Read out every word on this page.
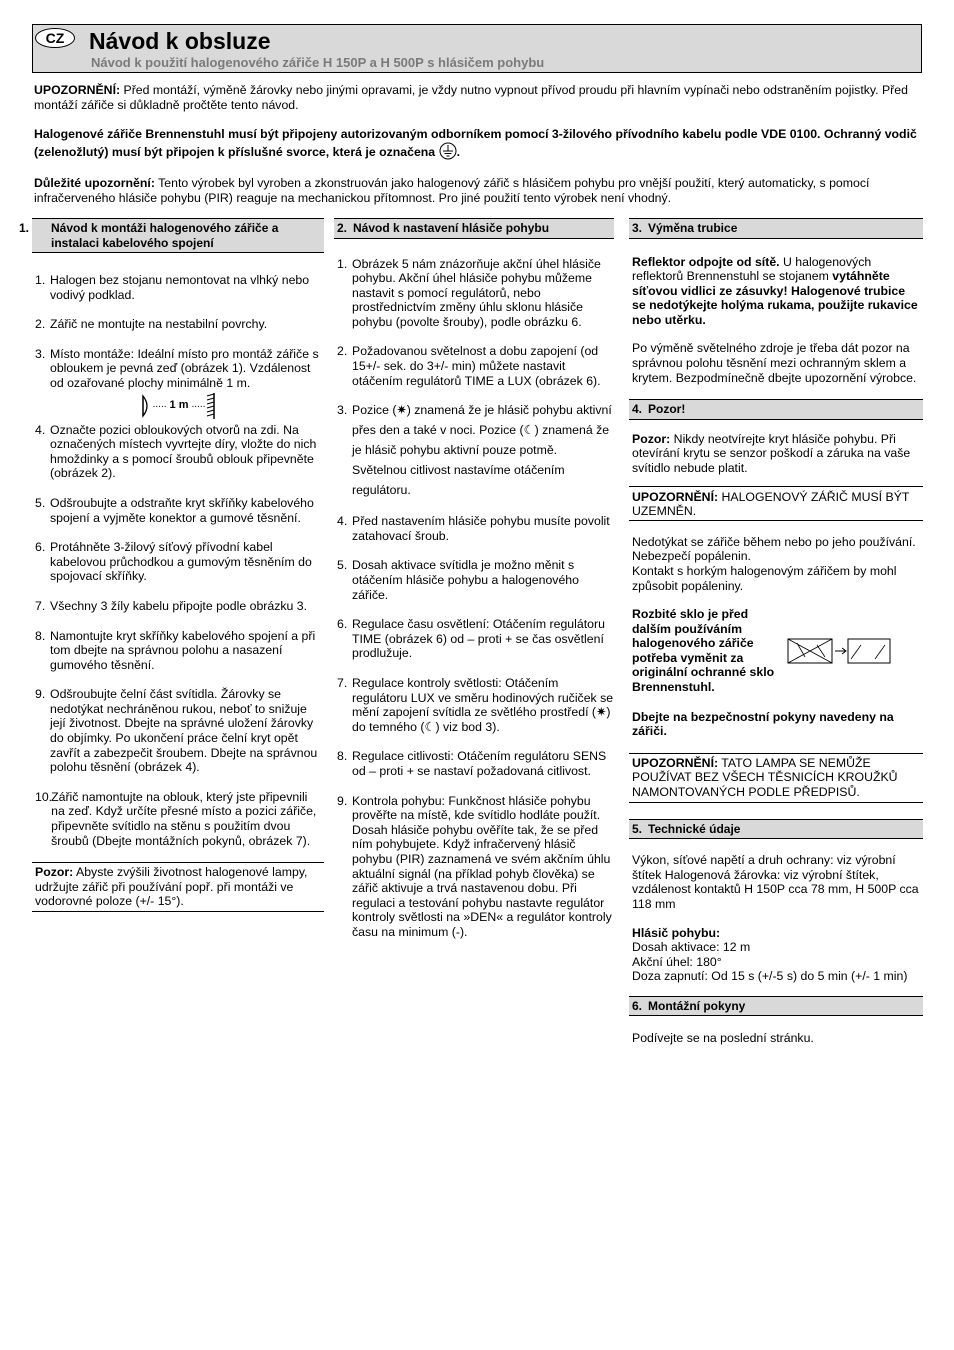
CZ	Návod k obsluze
Návod k použití halogenového zářiče H 150P a H 500P s hlásičem pohybu

UPOZORNĚNÍ: Před montáží, výměně žárovky nebo jinými opravami, je vždy nutno vypnout přívod proudu při hlavním vypínači nebo odstraněním pojistky. Před montáží zářiče si důkladně pročtěte tento návod.

Halogenové zářiče Brennenstuhl musí být připojeny autorizovaným odborníkem pomocí 3-žilového přívodního kabelu podle VDE 0100. Ochranný vodič (zelenožlutý) musí být připojen k příslušné svorce, která je označena .

Důležité upozornění: Tento výrobek byl vyroben a zkonstruován jako halogenový zářič s hlásičem pohybu pro vnější použití, který automaticky, s pomocí infračerveného hlásiče pohybu (PIR) reaguje na mechanickou přítomnost. Pro jiné použití tento výrobek není vhodný.

1. Návod k montáži halogenového zářiče a instalaci kabelového spojení
1. Halogen bez stojanu nemontovat na vlhký nebo vodivý podklad.
2. Zářič ne montujte na nestabilní povrchy.
3. Místo montáže: Ideální místo pro montáž zářiče s obloukem je pevná zeď (obrázek 1). Vzdálenost od ozařované plochy minimálně 1 m.
..... 1 m .....
4. Označte pozici obloukových otvorů na zdi. Na označených místech vyvrtejte díry, vložte do nich hmoždinky a s pomocí šroubů oblouk připevněte (obrázek 2).
5. Odšroubujte a odstraňte kryt skříňky kabelového spojení a vyjměte konektor a gumové těsnění.
6. Protáhněte 3-žilový síťový přívodní kabel kabelovou průchodkou a gumovým těsněním do spojovací skříňky.
7. Všechny 3 žíly kabelu připojte podle obrázku 3.
8. Namontujte kryt skříňky kabelového spojení a při tom dbejte na správnou polohu a nasazení gumového těsnění.
9. Odšroubujte čelní část svítidla. Žárovky se nedotýkat nechráněnou rukou, neboť to snižuje její životnost. Dbejte na správné uložení žárovky do objímky. Po ukončení práce čelní kryt opět zavřít a zabezpečit šroubem. Dbejte na správnou polohu těsnění (obrázek 4).
10. Zářič namontujte na oblouk, který jste připevnili na zeď. Když určíte přesné místo a pozici zářiče, připevněte svítidlo na stěnu s použitím dvou šroubů (Dbejte montážních pokynů, obrázek 7).
Pozor: Abyste zvýšili životnost halogenové lampy, udržujte zářič při používání popř. při montáži ve vodorovné poloze (+/- 15°).
2. Návod k nastavení hlásiče pohybu
1. Obrázek 5 nám znázorňuje akční úhel hlásiče pohybu. Akční úhel hlásiče pohybu můžeme nastavit s pomocí regulátorů, nebo prostřednictvím změny úhlu sklonu hlásiče pohybu (povolte šrouby), podle obrázku 6.
2. Požadovanou světelnost a dobu zapojení (od 15+/- sek. do 3+/- min) můžete nastavit otáčením regulátorů TIME a LUX (obrázek 6).
3. Pozice (✷) znamená že je hlásič pohybu aktivní přes den a také v noci. Pozice (☾) znamená že je hlásič pohybu aktivní pouze potmě. Světelnou citlivost nastavíme otáčením regulátoru.
4. Před nastavením hlásiče pohybu musíte povolit zatahovací šroub.
5. Dosah aktivace svítidla je možno měnit s otáčením hlásiče pohybu a halogenového zářiče.
6. Regulace času osvětlení: Otáčením regulátoru TIME (obrázek 6) od – proti + se čas osvětlení prodlužuje.
7. Regulace kontroly světlosti: Otáčením regulátoru LUX ve směru hodinových ručiček se mění zapojení svítidla ze světlého prostředí (✷) do temného (☾) viz bod 3).
8. Regulace citlivosti: Otáčením regulátoru SENS od – proti + se nastaví požadovaná citlivost.
9. Kontrola pohybu: Funkčnost hlásiče pohybu prověřte na místě, kde svítidlo hodláte použít. Dosah hlásiče pohybu ověříte tak, že se před ním pohybujete. Když infračervený hlásič pohybu (PIR) zaznamená ve svém akčním úhlu aktuální signál (na příklad pohyb člověka) se zářič aktivuje a trvá nastavenou dobu. Při regulaci a testování pohybu nastavte regulátor kontroly světlosti na »DEN« a regulátor kontroly času na minimum (-).
3. Výměna trubice

Reflektor odpojte od sítě. U halogenových reflektorů Brennenstuhl se stojanem vytáhněte síťovou vidlici ze zásuvky! Halogenové trubice se nedotýkejte holýma rukama, použijte rukavice nebo utěrku.

Po výměně světelného zdroje je třeba dát pozor na správnou polohu těsnění mezi ochranným sklem a krytem. Bezpodmínečně dbejte upozornění výrobce.

4. Pozor!

Pozor: Nikdy neotvírejte kryt hlásiče pohybu. Při otevírání krytu se senzor poškodí a záruka na vaše svítidlo nebude platit.

UPOZORNĚNÍ: HALOGENOVÝ ZÁŘIČ MUSÍ BÝT UZEMNĚN.

Nedotýkat se zářiče během nebo po jeho používání. Nebezpečí popálenin.

Kontakt s horkým halogenovým zářičem by mohl způsobit popáleniny.

Rozbité sklo je před dalším používáním halogenového zářiče potřeba vyměnit za originální ochranné sklo Brennenstuhl.

Dbejte na bezpečnostní pokyny navedeny na zářiči.

UPOZORNĚNÍ: TATO LAMPA SE NEMŮŽE POUŽÍVAT BEZ VŠECH TĚSNICÍCH KROUŽKŮ NAMONTOVANÝCH PODLE PŘEDPISŮ.
5. Technické údaje

Výkon, síťové napětí a druh ochrany: viz výrobní štítek Halogenová žárovka: viz výrobní štítek, vzdálenost kontaktů H 150P cca 78 mm, H 500P cca 118 mm

Hlásič pohybu:

Dosah aktivace: 12 m

Akční úhel: 180°

Doza zapnutí: Od 15 s (+/-5 s) do 5 min (+/- 1 min)

6. Montážní pokyny

Podívejte se na poslední stránku.
